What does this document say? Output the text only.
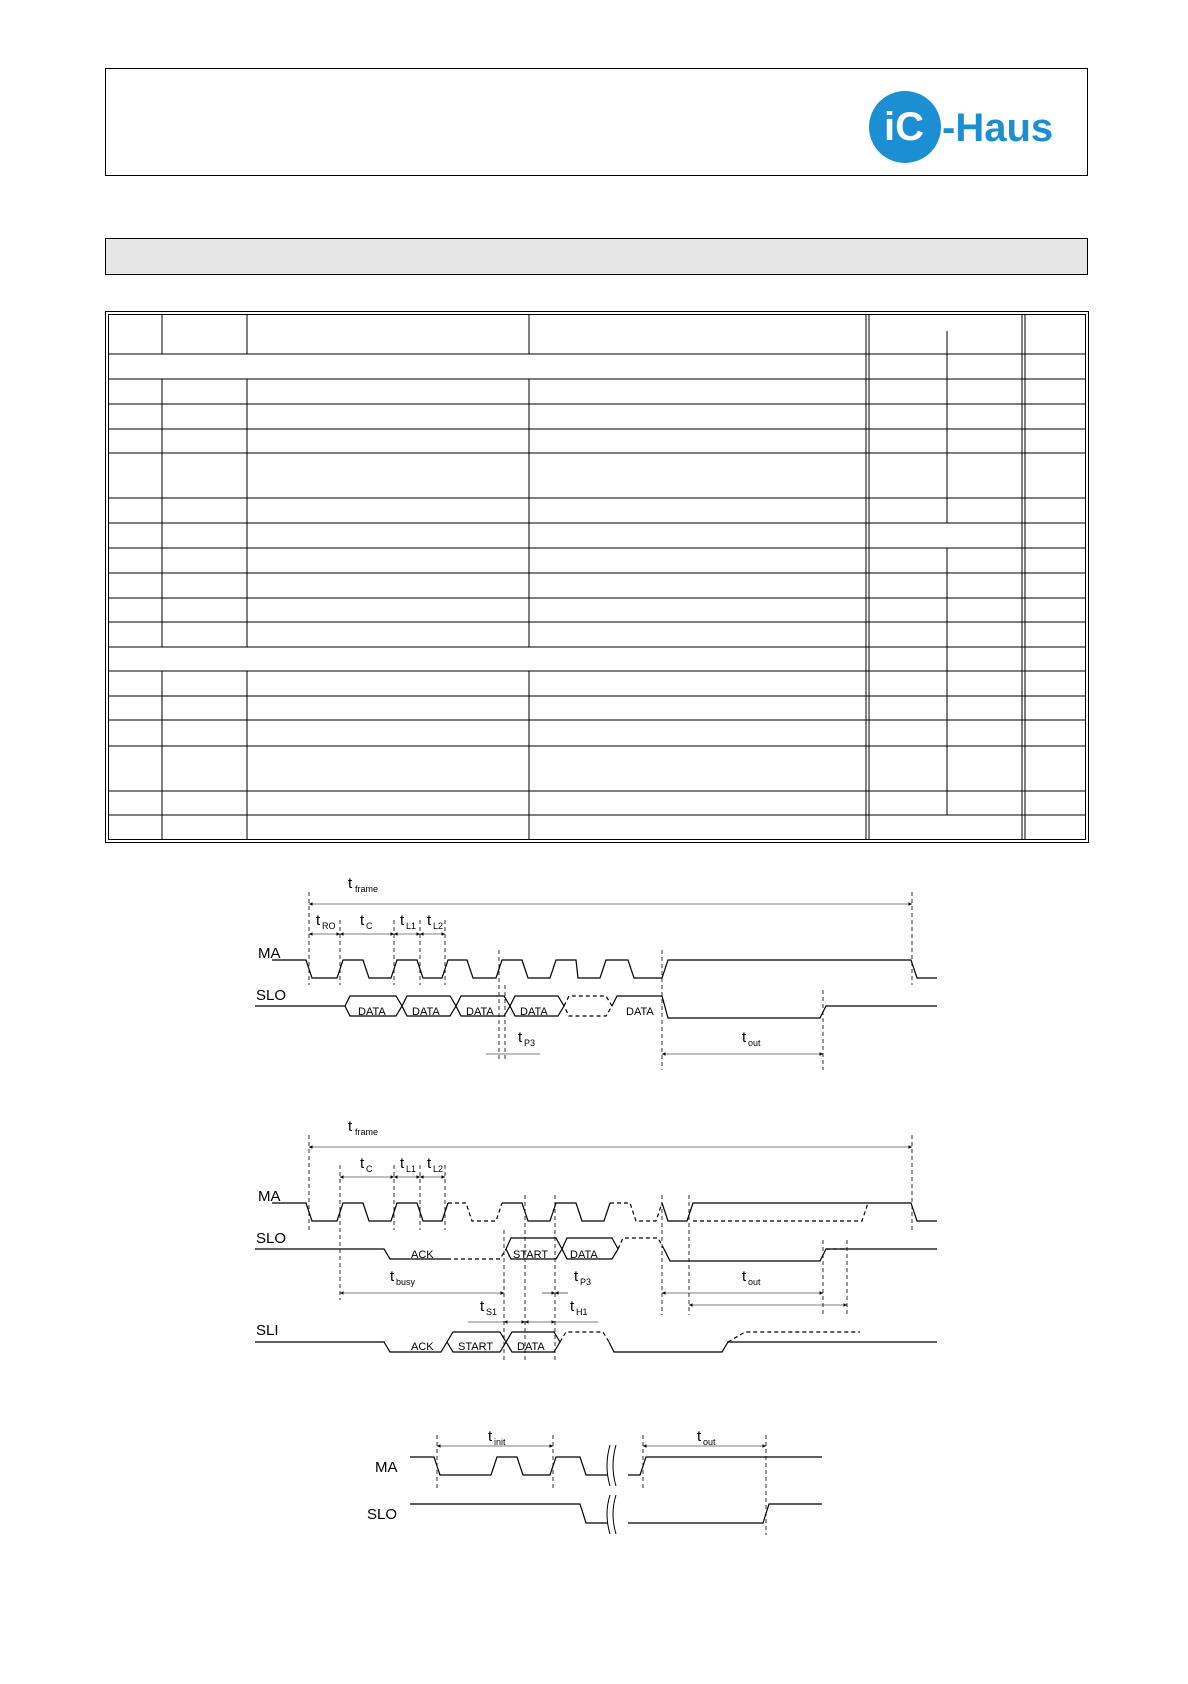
iC -Haus
MA
SLO
DATA DATA DATA DATA	DATA
t frame
t RO t C t L1 t L2
t P3	t out
MA
SLO
SLI
ACK	START DATA
ACK START DATA
t frame
t C t L1 t L2
t busy	t P3	t out
t S1	t H1
MA
SLO
t init	t out
